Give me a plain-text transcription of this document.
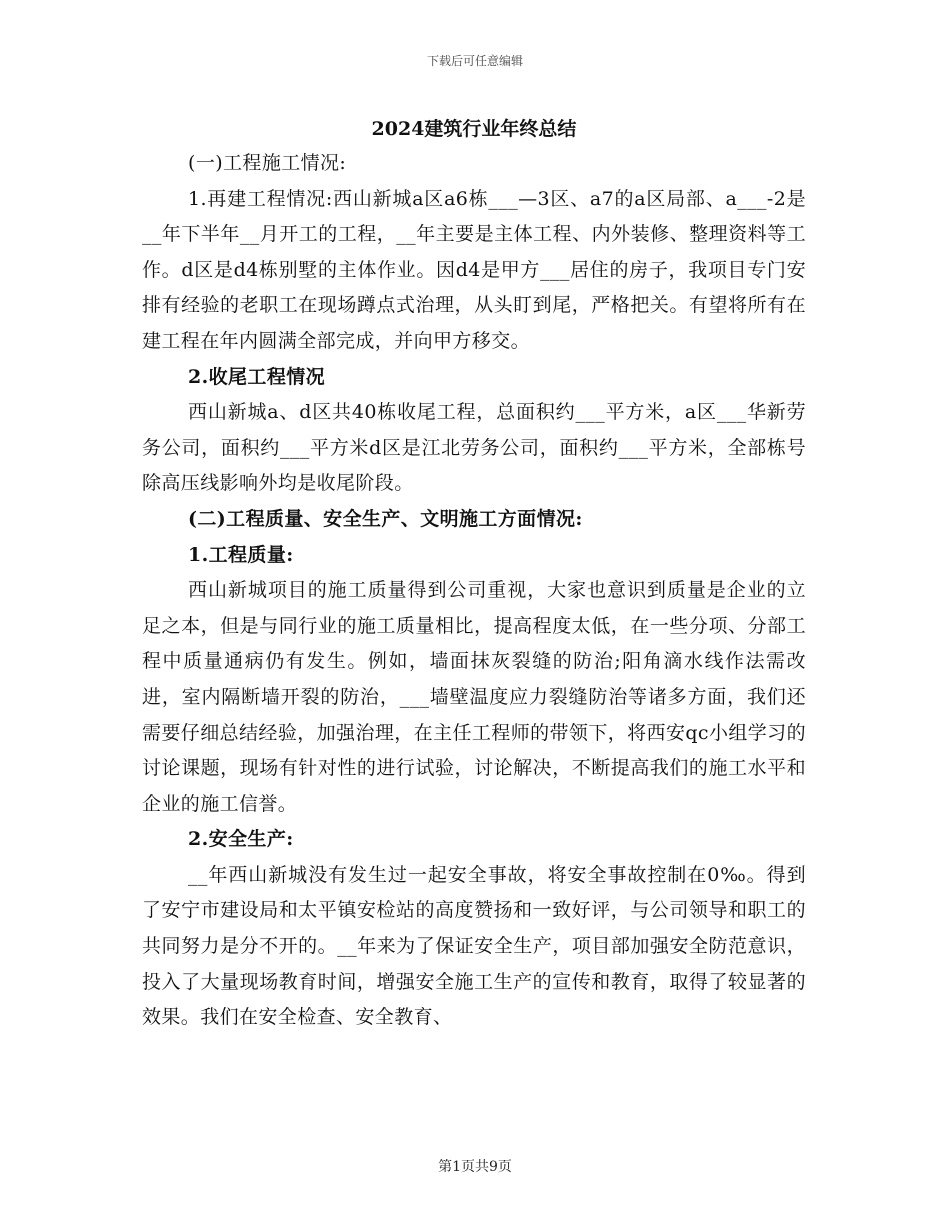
下载后可任意编辑
2024建筑行业年终总结

(一)工程施工情况:

1.再建工程情况:西山新城a区a6栋___—3区、a7的a区局部、a___-2是__年下半年__月开工的工程，__年主要是主体工程、内外装修、整理资料等工作。d区是d4栋别墅的主体作业。因d4是甲方___居住的房子，我项目专门安排有经验的老职工在现场蹲点式治理，从头盯到尾，严格把关。有望将所有在建工程在年内圆满全部完成，并向甲方移交。

2.收尾工程情况

西山新城a、d区共40栋收尾工程，总面积约___平方米，a区___华新劳务公司，面积约___平方米d区是江北劳务公司，面积约___平方米，全部栋号除高压线影响外均是收尾阶段。

(二)工程质量、安全生产、文明施工方面情况:

1.工程质量:

西山新城项目的施工质量得到公司重视，大家也意识到质量是企业的立足之本，但是与同行业的施工质量相比，提高程度太低，在一些分项、分部工程中质量通病仍有发生。例如，墙面抹灰裂缝的防治;阳角滴水线作法需改进，室内隔断墙开裂的防治，___墙壁温度应力裂缝防治等诸多方面，我们还需要仔细总结经验，加强治理，在主任工程师的带领下，将西安qc小组学习的讨论课题，现场有针对性的进行试验，讨论解决，不断提高我们的施工水平和企业的施工信誉。

2.安全生产:

__年西山新城没有发生过一起安全事故，将安全事故控制在0‰。得到了安宁市建设局和太平镇安检站的高度赞扬和一致好评，与公司领导和职工的共同努力是分不开的。__年来为了保证安全生产，项目部加强安全防范意识，投入了大量现场教育时间，增强安全施工生产的宣传和教育，取得了较显著的效果。我们在安全检查、安全教育、

第1页共9页
